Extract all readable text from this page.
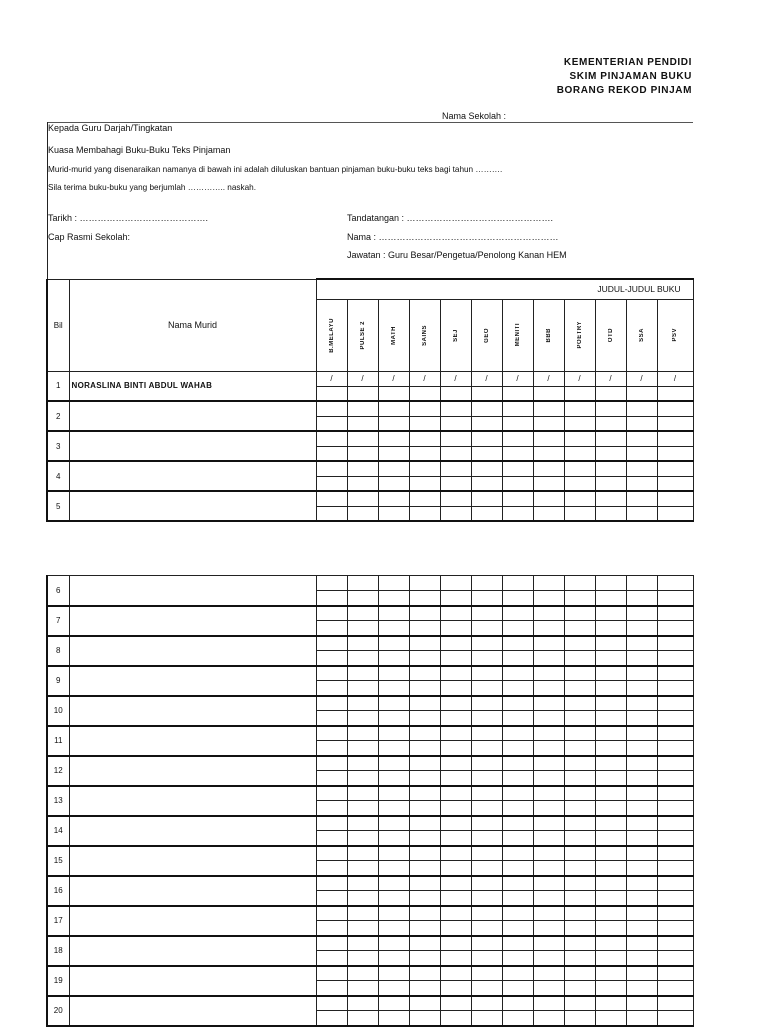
KEMENTERIAN PENDIDI
SKIM PINJAMAN BUKU
BORANG REKOD PINJAM
Nama Sekolah :
Kepada Guru Darjah/Tingkatan
Kuasa Membahagi Buku-Buku Teks Pinjaman
Murid-murid yang disenaraikan namanya di bawah ini adalah diluluskan bantuan pinjaman buku-buku teks bagi tahun ……….
Sila terima buku-buku yang berjumlah ………….. naskah.
Tarikh : …………………………………….	Tandatangan : ………………………………………….
Cap Rasmi Sekolah:	Nama : ……………………………………………………
Jawatan : Guru Besar/Pengetua/Penolong Kanan HEM
Bil	Nama Murid	JUDUL-JUDUL BUKU											

		B.MELAYU	PULSE 2	MATH	SAINS	SEJ	GEO	MENITI	BBB	POETRY	OTD	SSA	PSV

1	NORASLINA BINTI ABDUL WAHAB	/	/	/	/	/	/	/	/	/	/	/	/

2													

3													

4													

5													

6													

7													

8													

9													

10													

11													

12													

13													

14													

15													

16													

17													

18													

19													

20													
